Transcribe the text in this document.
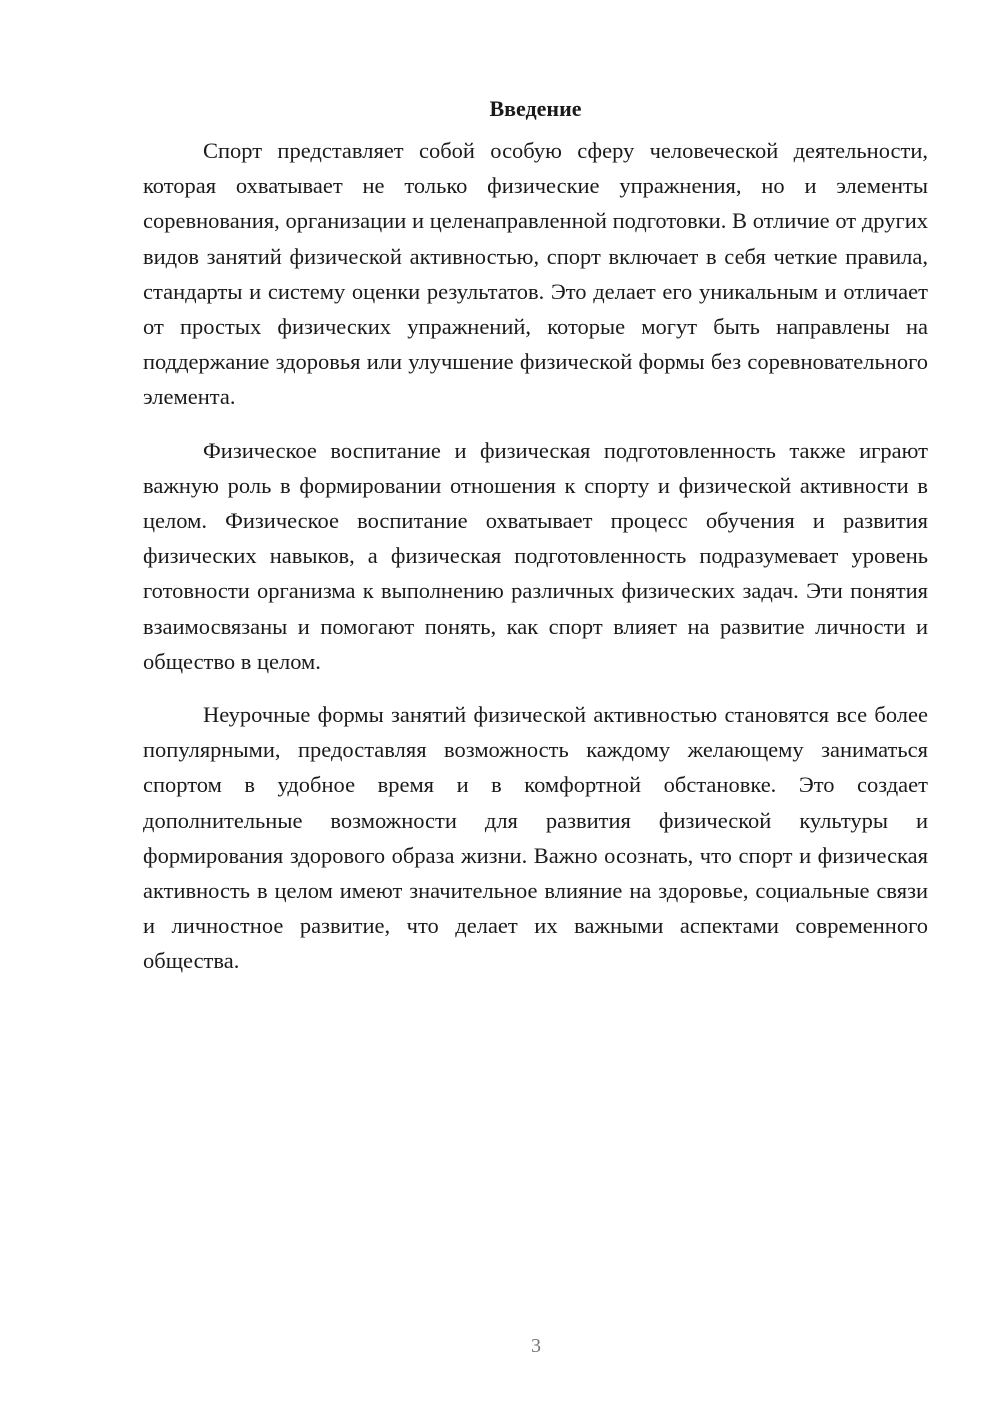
Введение

Спорт представляет собой особую сферу человеческой деятельности, которая охватывает не только физические упражнения, но и элементы соревнования, организации и целенаправленной подготовки. В отличие от других видов занятий физической активностью, спорт включает в себя четкие правила, стандарты и систему оценки результатов. Это делает его уникальным и отличает от простых физических упражнений, которые могут быть направлены на поддержание здоровья или улучшение физической формы без соревновательного элемента.

Физическое воспитание и физическая подготовленность также играют важную роль в формировании отношения к спорту и физической активности в целом. Физическое воспитание охватывает процесс обучения и развития физических навыков, а физическая подготовленность подразумевает уровень готовности организма к выполнению различных физических задач. Эти понятия взаимосвязаны и помогают понять, как спорт влияет на развитие личности и общество в целом.

Неурочные формы занятий физической активностью становятся все более популярными, предоставляя возможность каждому желающему заниматься спортом в удобное время и в комфортной обстановке. Это создает дополнительные возможности для развития физической культуры и формирования здорового образа жизни. Важно осознать, что спорт и физическая активность в целом имеют значительное влияние на здоровье, социальные связи и личностное развитие, что делает их важными аспектами современного общества.

3
